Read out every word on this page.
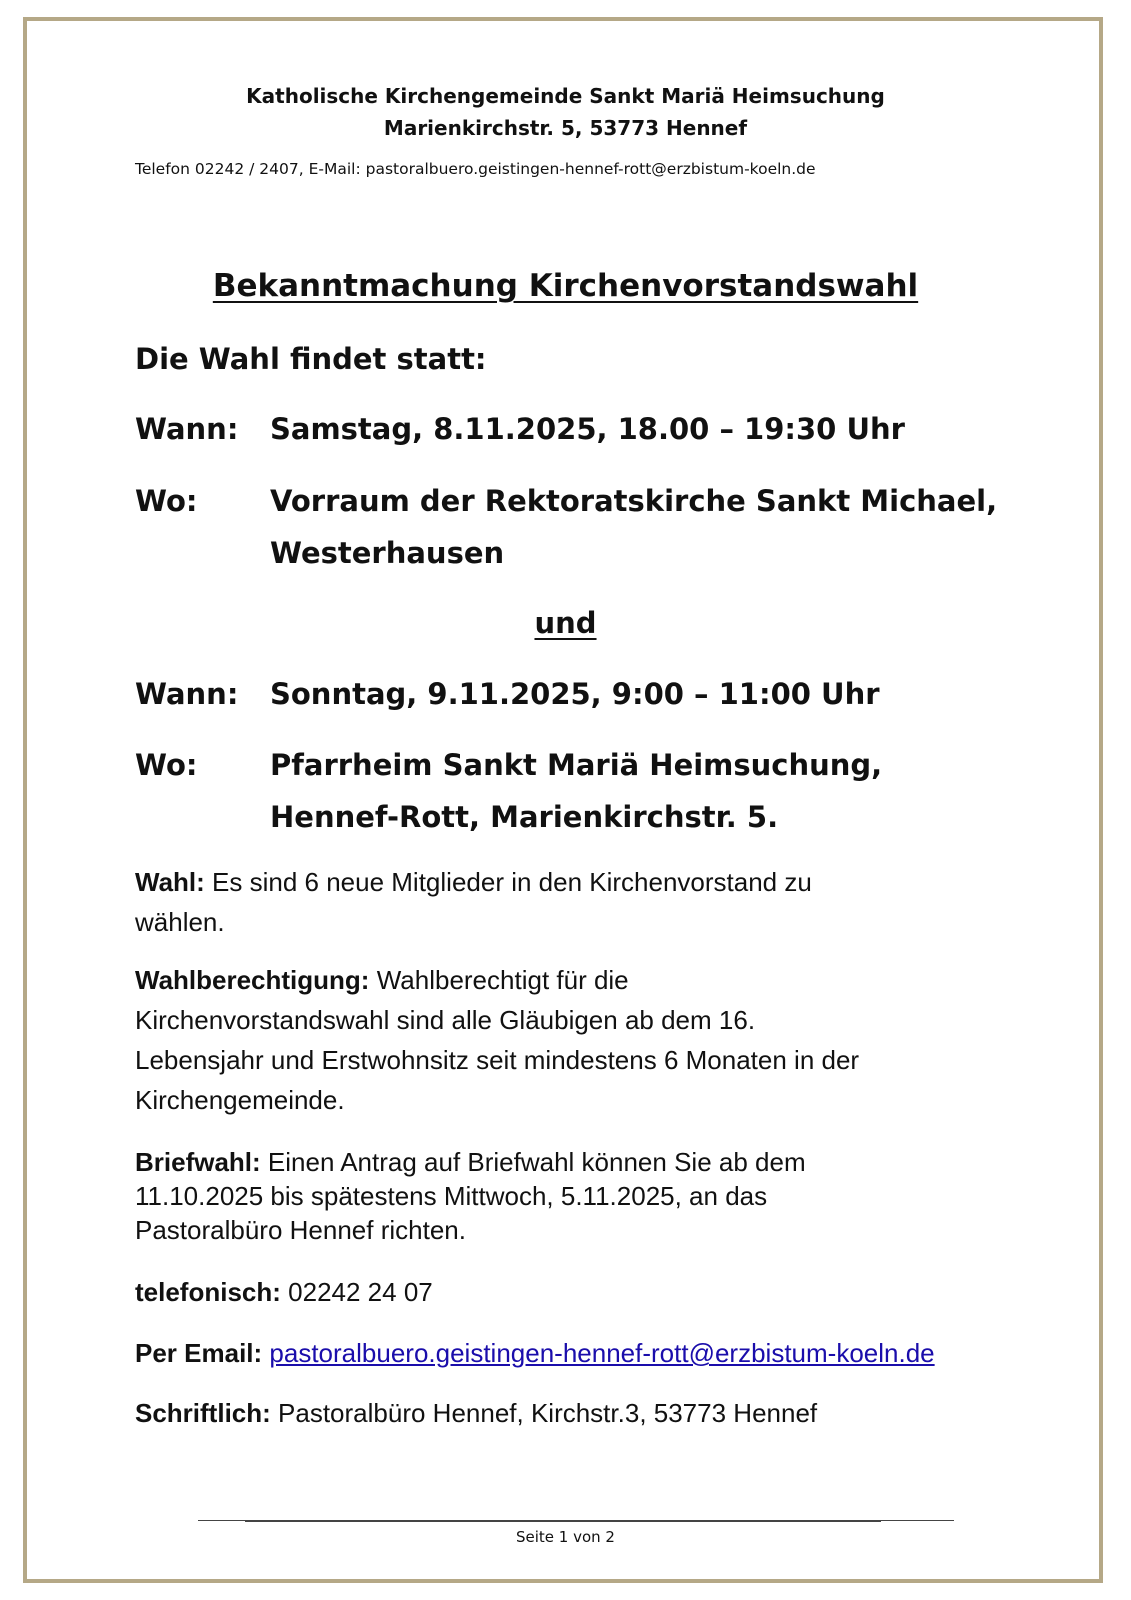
Katholische Kirchengemeinde Sankt Mariä Heimsuchung
Marienkirchstr. 5, 53773 Hennef
Telefon 02242 / 2407, E-Mail: pastoralbuero.geistingen-hennef-rott@erzbistum-koeln.de
Bekanntmachung Kirchenvorstandswahl
Die Wahl findet statt:
Wann: Samstag, 8.11.2025, 18.00 – 19:30 Uhr
Wo:	Vorraum der Rektoratskirche Sankt Michael,
Westerhausen
und
Wann: Sonntag, 9.11.2025, 9:00 – 11:00 Uhr
Wo:	Pfarrheim Sankt Mariä Heimsuchung,
Hennef-Rott, Marienkirchstr. 5.
Wahl: Es sind 6 neue Mitglieder in den Kirchenvorstand zu
wählen.
Wahlberechtigung: Wahlberechtigt für die
Kirchenvorstandswahl sind alle Gläubigen ab dem 16.
Lebensjahr und Erstwohnsitz seit mindestens 6 Monaten in der
Kirchengemeinde.
Briefwahl: Einen Antrag auf Briefwahl können Sie ab dem
11.10.2025 bis spätestens Mittwoch, 5.11.2025, an das
Pastoralbüro Hennef richten.
telefonisch: 02242 24 07
Per Email: pastoralbuero.geistingen-hennef-rott@erzbistum-koeln.de
Schriftlich: Pastoralbüro Hennef, Kirchstr.3, 53773 Hennef
Seite 1 von 2
